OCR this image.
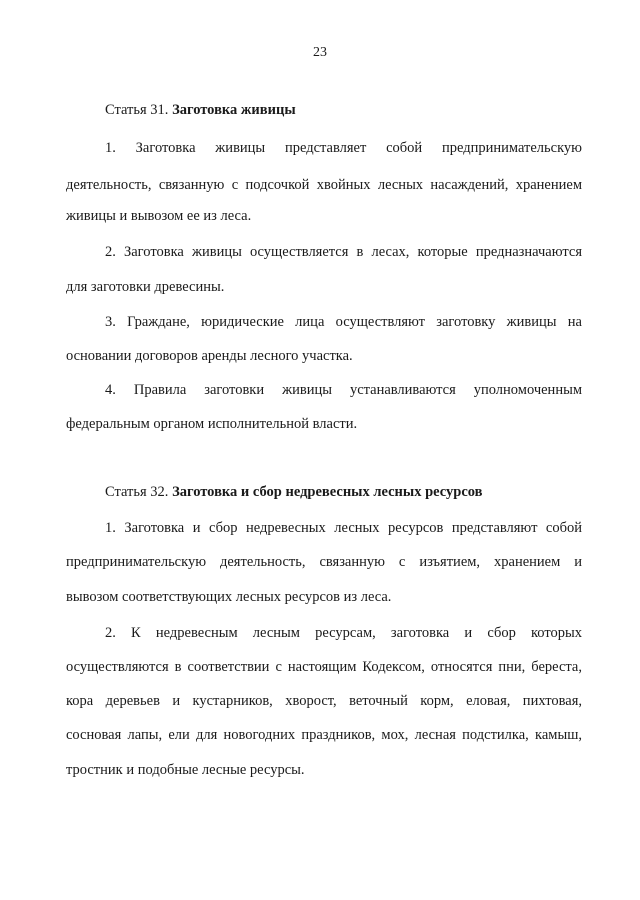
23
Статья 31. Заготовка живицы
1. Заготовка живицы представляет собой предпринимательскую
деятельность, связанную с подсочкой хвойных лесных насаждений, хранением
живицы и вывозом ее из леса.
2. Заготовка живицы осуществляется в лесах, которые предназначаются
для заготовки древесины.
3. Граждане, юридические лица осуществляют заготовку живицы на
основании договоров аренды лесного участка.
4. Правила заготовки живицы устанавливаются уполномоченным
федеральным органом исполнительной власти.
Статья 32. Заготовка и сбор недревесных лесных ресурсов
1. Заготовка и сбор недревесных лесных ресурсов представляют собой
предпринимательскую деятельность, связанную с изъятием, хранением и
вывозом соответствующих лесных ресурсов из леса.
2. К недревесным лесным ресурсам, заготовка и сбор которых
осуществляются в соответствии с настоящим Кодексом, относятся пни, береста,
кора деревьев и кустарников, хворост, веточный корм, еловая, пихтовая,
сосновая лапы, ели для новогодних праздников, мох, лесная подстилка, камыш,
тростник и подобные лесные ресурсы.
